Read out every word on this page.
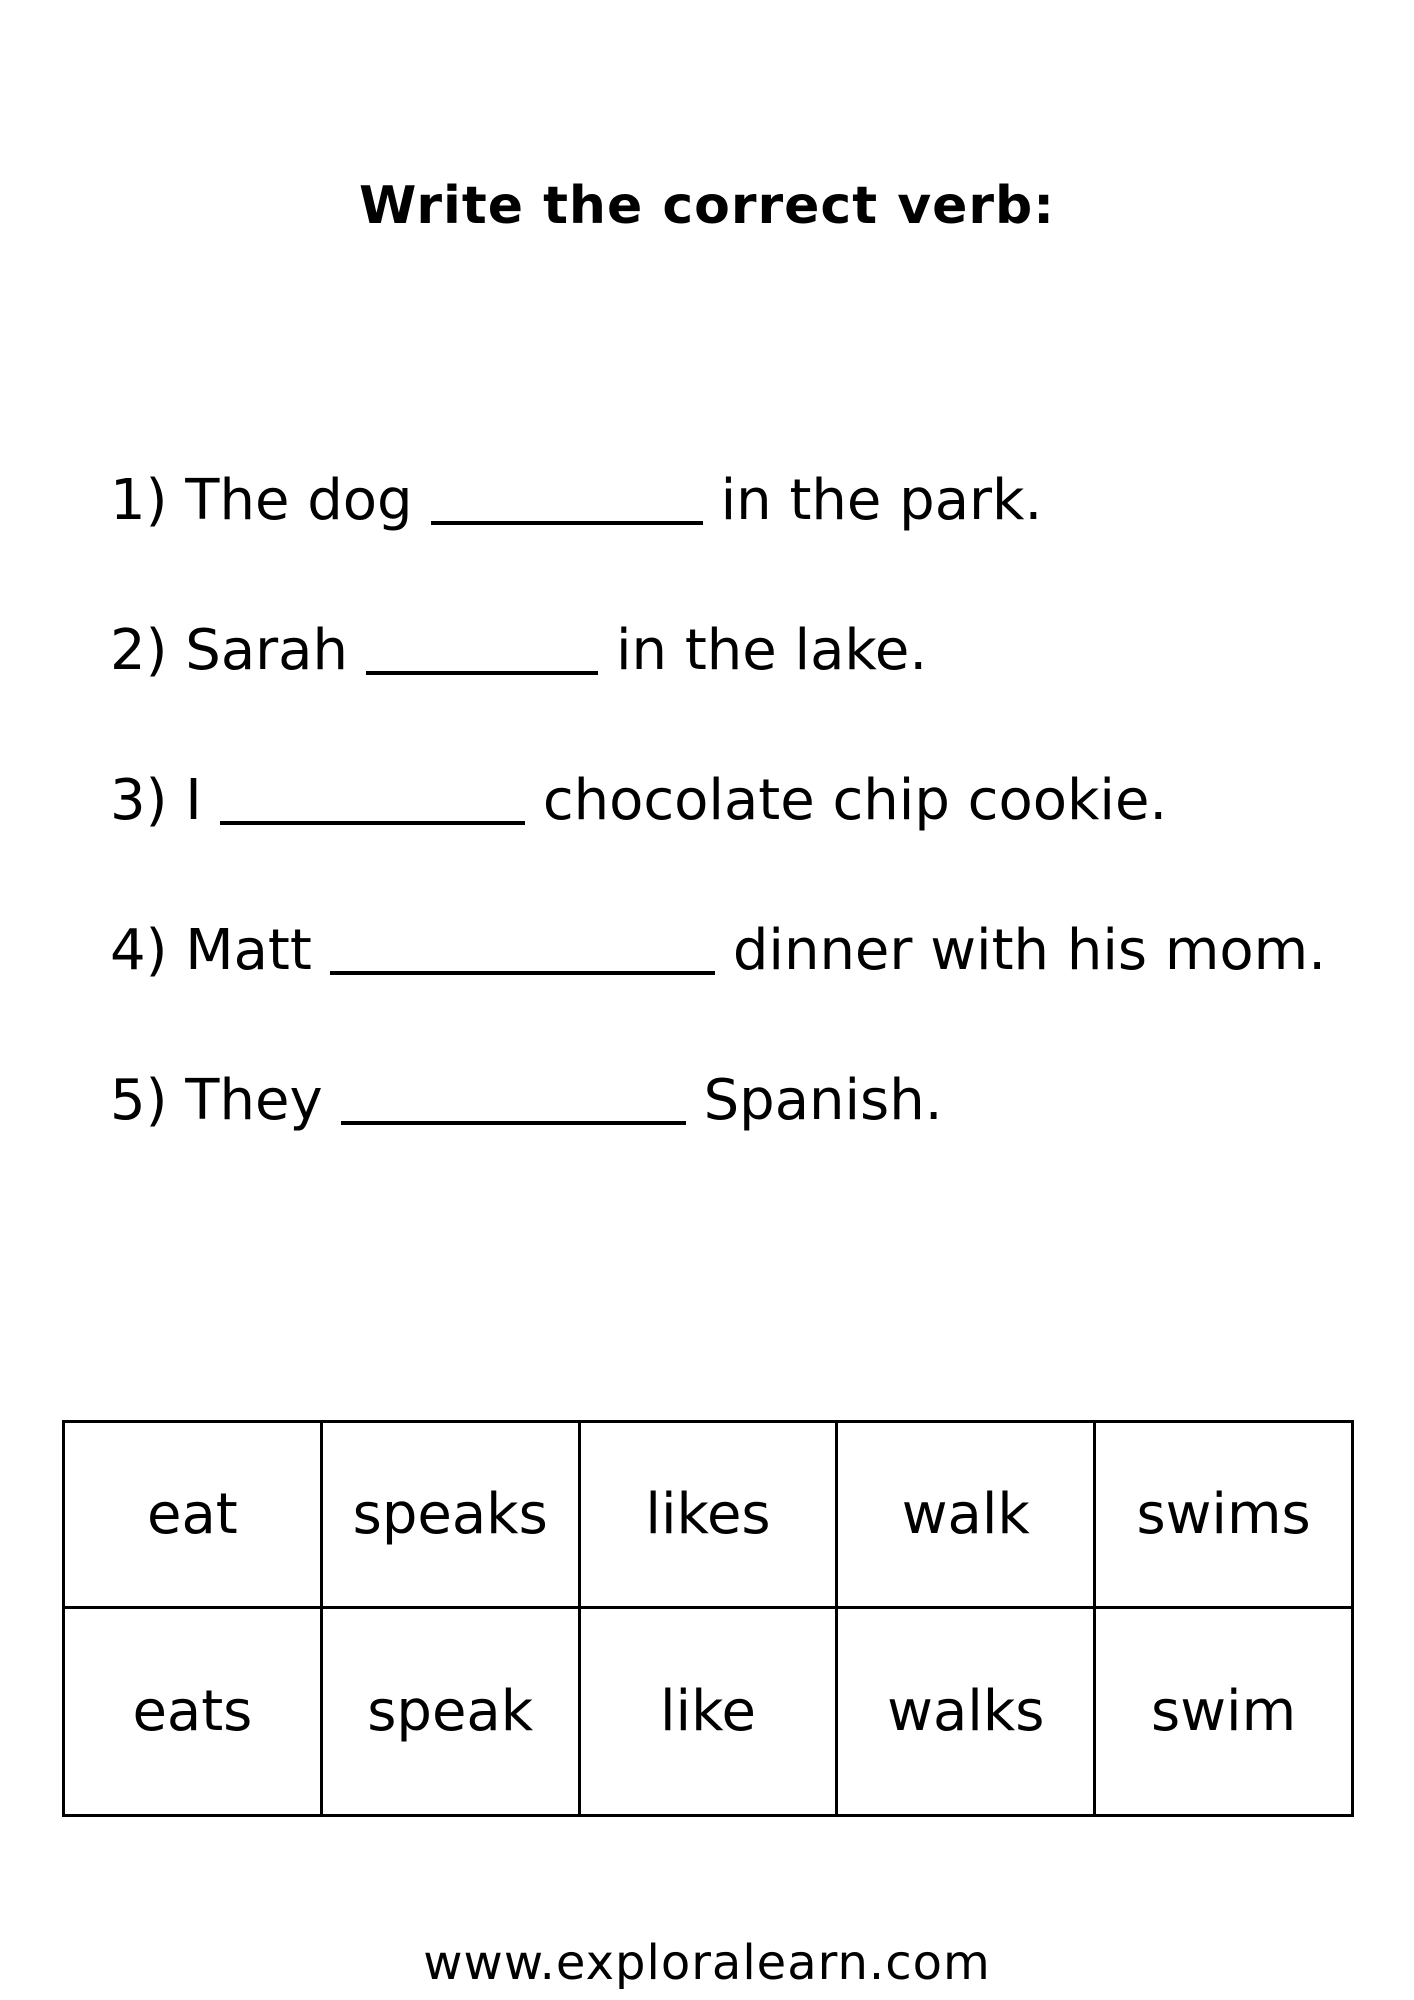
Write the correct verb:
1) The dog	in the park.
2) Sarah	in the lake.
3) I	chocolate chip cookie.
4) Matt	dinner with his mom.
5) They	Spanish.
eat	speaks	likes	walk	swims
eats	speak	like	walks	swim
www.exploralearn.com
